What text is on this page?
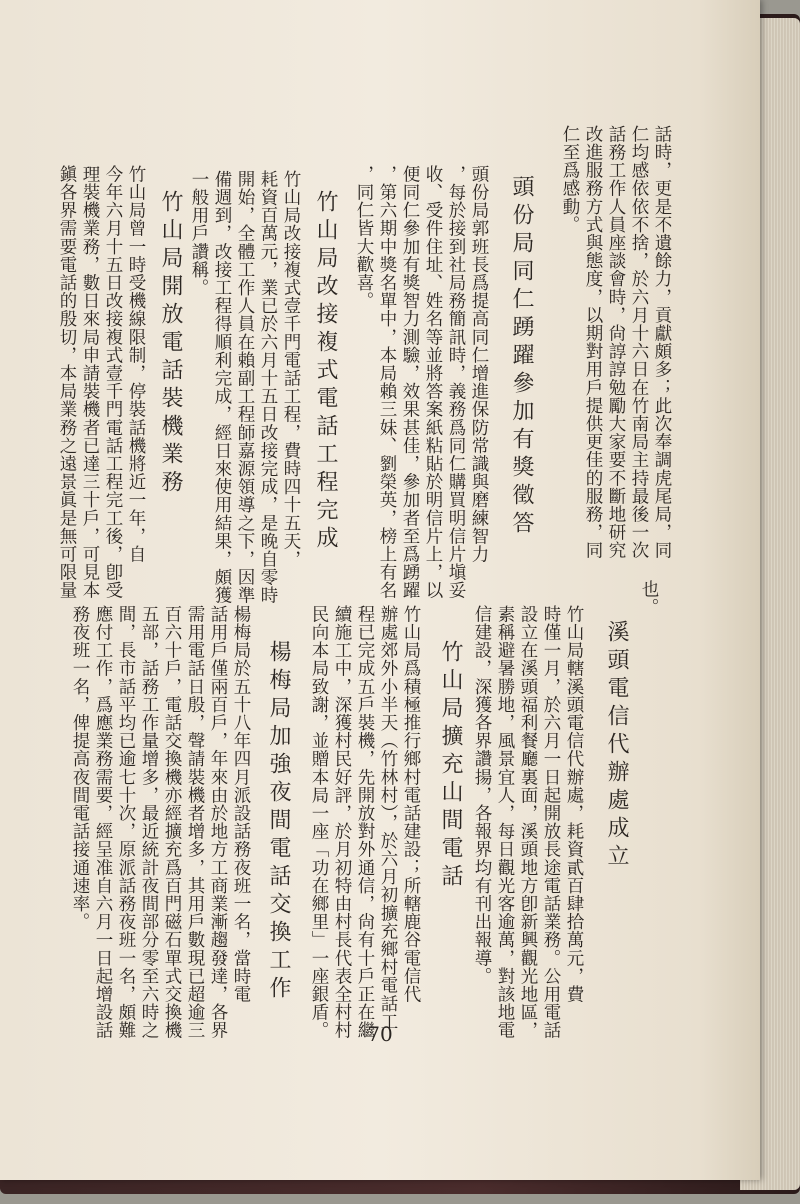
話時，更是不遺餘力，貢獻頗多；此次奉調虎尾局，同
仁均感依依不捨，於六月十六日在竹南局主持最後一次
話務工作人員座談會時，尙諄諄勉勵大家要不斷地研究
改進服務方式與態度，以期對用戶提供更佳的服務，同
仁至爲感動。
頭份局同仁踴躍參加有獎徵答
頭份局郭班長爲提高同仁增進保防常識與磨練智力
，每於接到社局務簡訊時，義務爲同仁購買明信片塡妥
收、受件住址、姓名等並將答案紙粘貼於明信片上，以
便同仁參加有獎智力測驗，效果甚佳，參加者至爲踴躍
，第六期中獎名單中，本局賴三妹、劉榮英，榜上有名
，同仁皆大歡喜。
竹山局改接複式電話工程完成
竹山局改接複式壹千門電話工程，費時四十五天，
耗資百萬元，業已於六月十五日改接完成，是晚自零時
開始，全體工作人員在賴副工程師嘉源領導之下，因準
備週到，改接工程得順利完成，經日來使用結果，頗獲
一般用戶讚稱。
竹山局開放電話裝機業務
竹山局曾一時受機線限制，停裝話機將近一年，自
今年六月十五日改接複式壹千門電話工程完工後，卽受
理裝機業務，數日來局申請裝機者已達三十戶，可見本
鎭各界需要電話的殷切，本局業務之遠景眞是無可限量	也。
溪頭電信代辦處成立
竹山局轄溪頭電信代辦處，耗資貳百肆拾萬元，費
時僅一月，於六月一日起開放長途電話業務。公用電話
設立在溪頭福利餐廳裏面，溪頭地方卽新興觀光地區，
素稱避暑勝地，風景宜人，每日觀光客逾萬，對該地電
信建設，深獲各界讚揚，各報界均有刊出報導。
竹山局擴充山間電話
竹山局爲積極推行鄉村電話建設；所轄鹿谷電信代
辦處郊外小半天（竹林村），於六月初擴充鄉村電話工
程已完成五戶裝機，先開放對外通信，尙有十戶正在繼
續施工中，深獲村民好評，於月初特由村長代表全村村
民向本局致謝，並贈本局一座「功在鄉里」一座銀盾。
楊梅局加強夜間電話交換工作
楊梅局於五十八年四月派設話務夜班一名，當時電
話用戶僅兩百戶，年來由於地方工商業漸趨發達，各界
需用電話日殷，聲請裝機者增多，其用戶數現已超逾三
百六十戶，電話交換機亦經擴充爲百門磁石單式交換機
五部，話務工作量增多，最近統計夜間部分零至六時之
間，長市話平均已逾七十次，原派話務夜班一名，頗難
應付工作，爲應業務需要，經呈准自六月一日起增設話
務夜班一名，俾提高夜間電話接通速率。
70
